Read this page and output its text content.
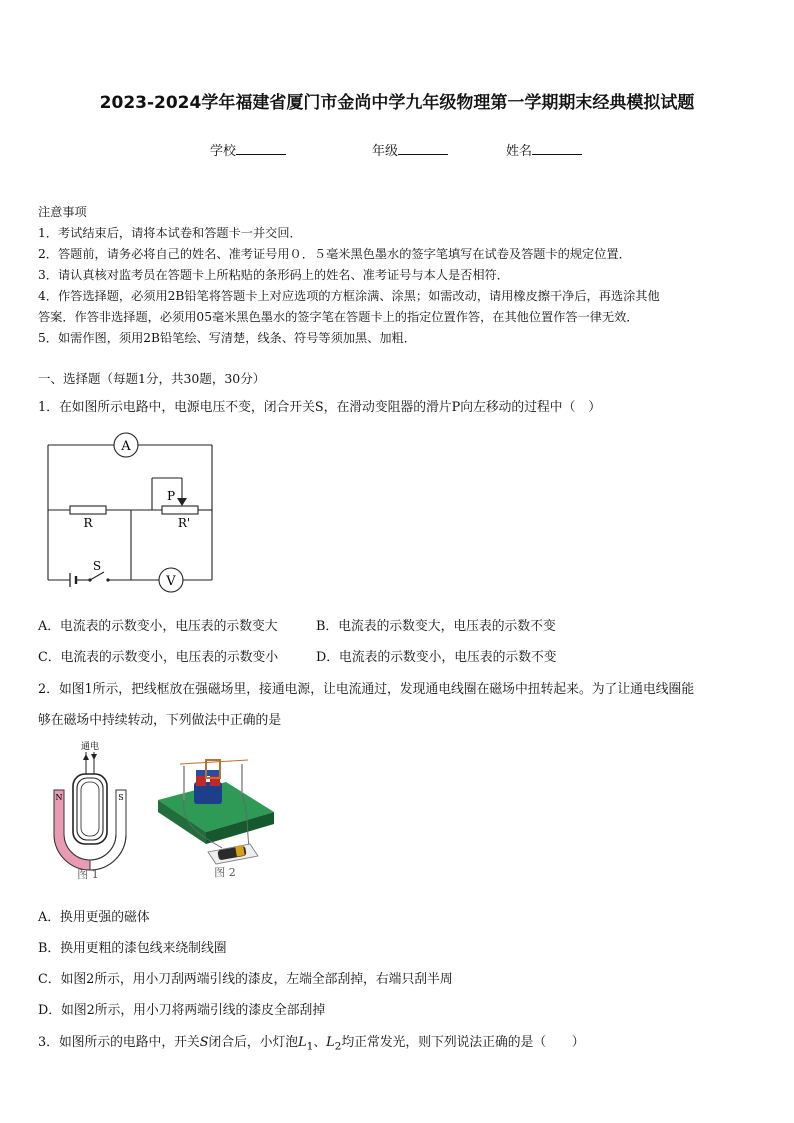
2023-2024学年福建省厦门市金尚中学九年级物理第一学期期末经典模拟试题
学校	年级	姓名
注意事项
1．考试结束后，请将本试卷和答题卡一并交回．
2．答题前，请务必将自己的姓名、准考证号用０．５毫米黑色墨水的签字笔填写在试卷及答题卡的规定位置．
3．请认真核对监考员在答题卡上所粘贴的条形码上的姓名、准考证号与本人是否相符．
4．作答选择题，必须用2B铅笔将答题卡上对应选项的方框涂满、涂黑；如需改动，请用橡皮擦干净后，再选涂其他
答案．作答非选择题，必须用05毫米黑色墨水的签字笔在答题卡上的指定位置作答，在其他位置作答一律无效．
5．如需作图，须用2B铅笔绘、写清楚，线条、符号等须加黑、加粗．
一、选择题（每题1分，共30题，30分）
1．在如图所示电路中，电源电压不变，闭合开关S，在滑动变阻器的滑片P向左移动的过程中（　）
A
V
R	R'
P
S
A．电流表的示数变小，电压表的示数变大	B．电流表的示数变大，电压表的示数不变
C．电流表的示数变小，电压表的示数变小	D．电流表的示数变小，电压表的示数不变
2．如图1所示，把线框放在强磁场里，接通电源，让电流通过，发现通电线圈在磁场中扭转起来。为了让通电线圈能
够在磁场中持续转动，下列做法中正确的是
通电
N	S
图 1	图 2
A．换用更强的磁体
B．换用更粗的漆包线来绕制线圈
C．如图2所示，用小刀刮两端引线的漆皮，左端全部刮掉，右端只刮半周
D．如图2所示，用小刀将两端引线的漆皮全部刮掉
3．如图所示的电路中，开关S闭合后，小灯泡$L_1$、$L_2$均正常发光，则下列说法正确的是（　　）
